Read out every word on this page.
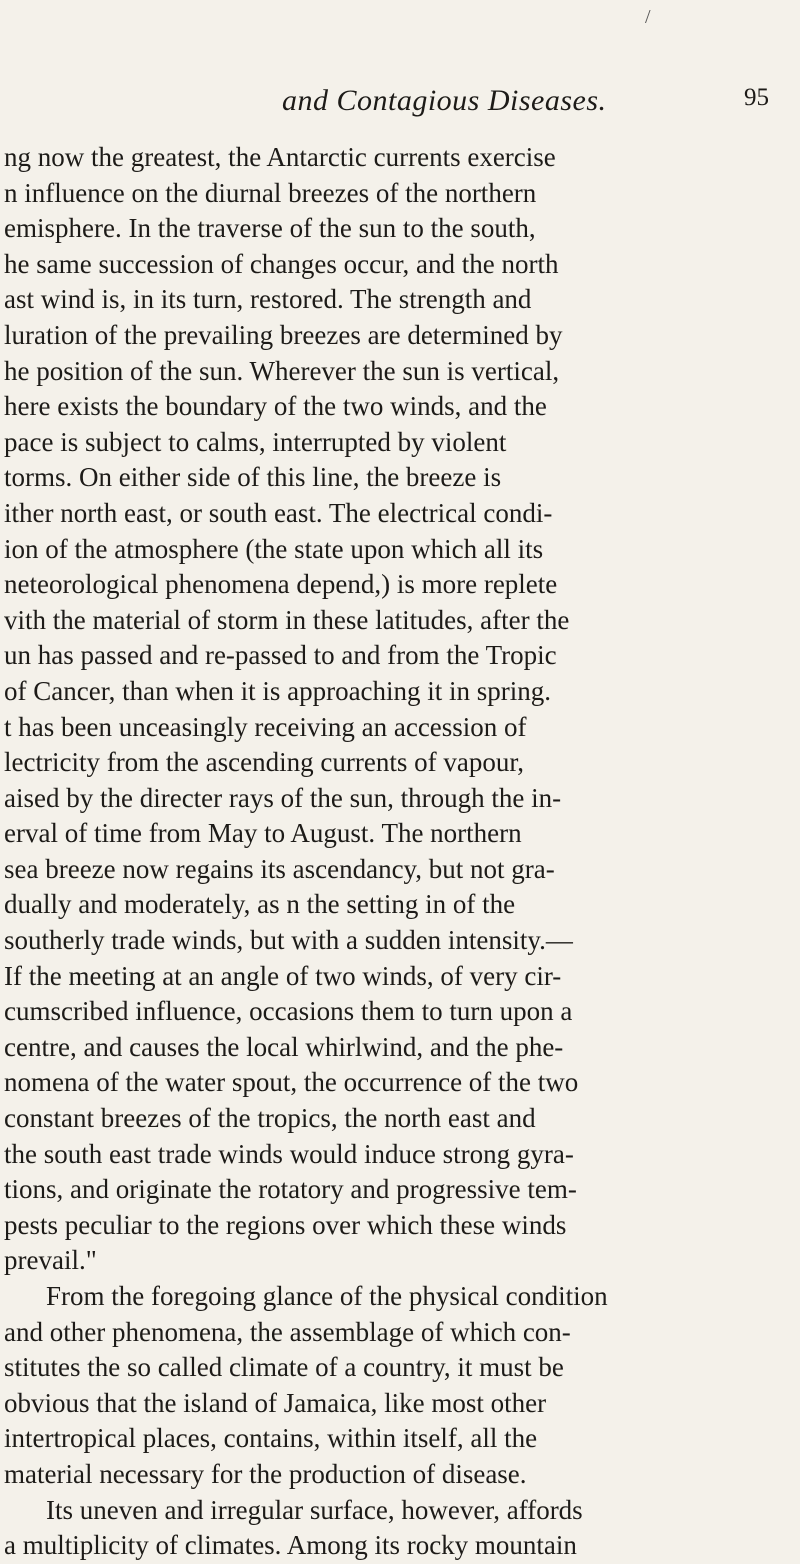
/
and Contagious Diseases.	95
ng now the greatest, the Antarctic currents exercise
n influence on the diurnal breezes of the northern
emisphere. In the traverse of the sun to the south,
he same succession of changes occur, and the north
ast wind is, in its turn, restored. The strength and
luration of the prevailing breezes are determined by
he position of the sun. Wherever the sun is vertical,
here exists the boundary of the two winds, and the
pace is subject to calms, interrupted by violent
torms. On either side of this line, the breeze is
ither north east, or south east. The electrical condi-
ion of the atmosphere (the state upon which all its
neteorological phenomena depend,) is more replete
vith the material of storm in these latitudes, after the
un has passed and re-passed to and from the Tropic
of Cancer, than when it is approaching it in spring.
t has been unceasingly receiving an accession of
lectricity from the ascending currents of vapour,
aised by the directer rays of the sun, through the in-
erval of time from May to August. The northern
sea breeze now regains its ascendancy, but not gra-
dually and moderately, as n the setting in of the
southerly trade winds, but with a sudden intensity.—
If the meeting at an angle of two winds, of very cir-
cumscribed influence, occasions them to turn upon a
centre, and causes the local whirlwind, and the phe-
nomena of the water spout, the occurrence of the two
constant breezes of the tropics, the north east and
the south east trade winds would induce strong gyra-
tions, and originate the rotatory and progressive tem-
pests peculiar to the regions over which these winds
prevail."
From the foregoing glance of the physical condition
and other phenomena, the assemblage of which con-
stitutes the so called climate of a country, it must be
obvious that the island of Jamaica, like most other
intertropical places, contains, within itself, all the
material necessary for the production of disease.
Its uneven and irregular surface, however, affords
a multiplicity of climates. Among its rocky mountain
